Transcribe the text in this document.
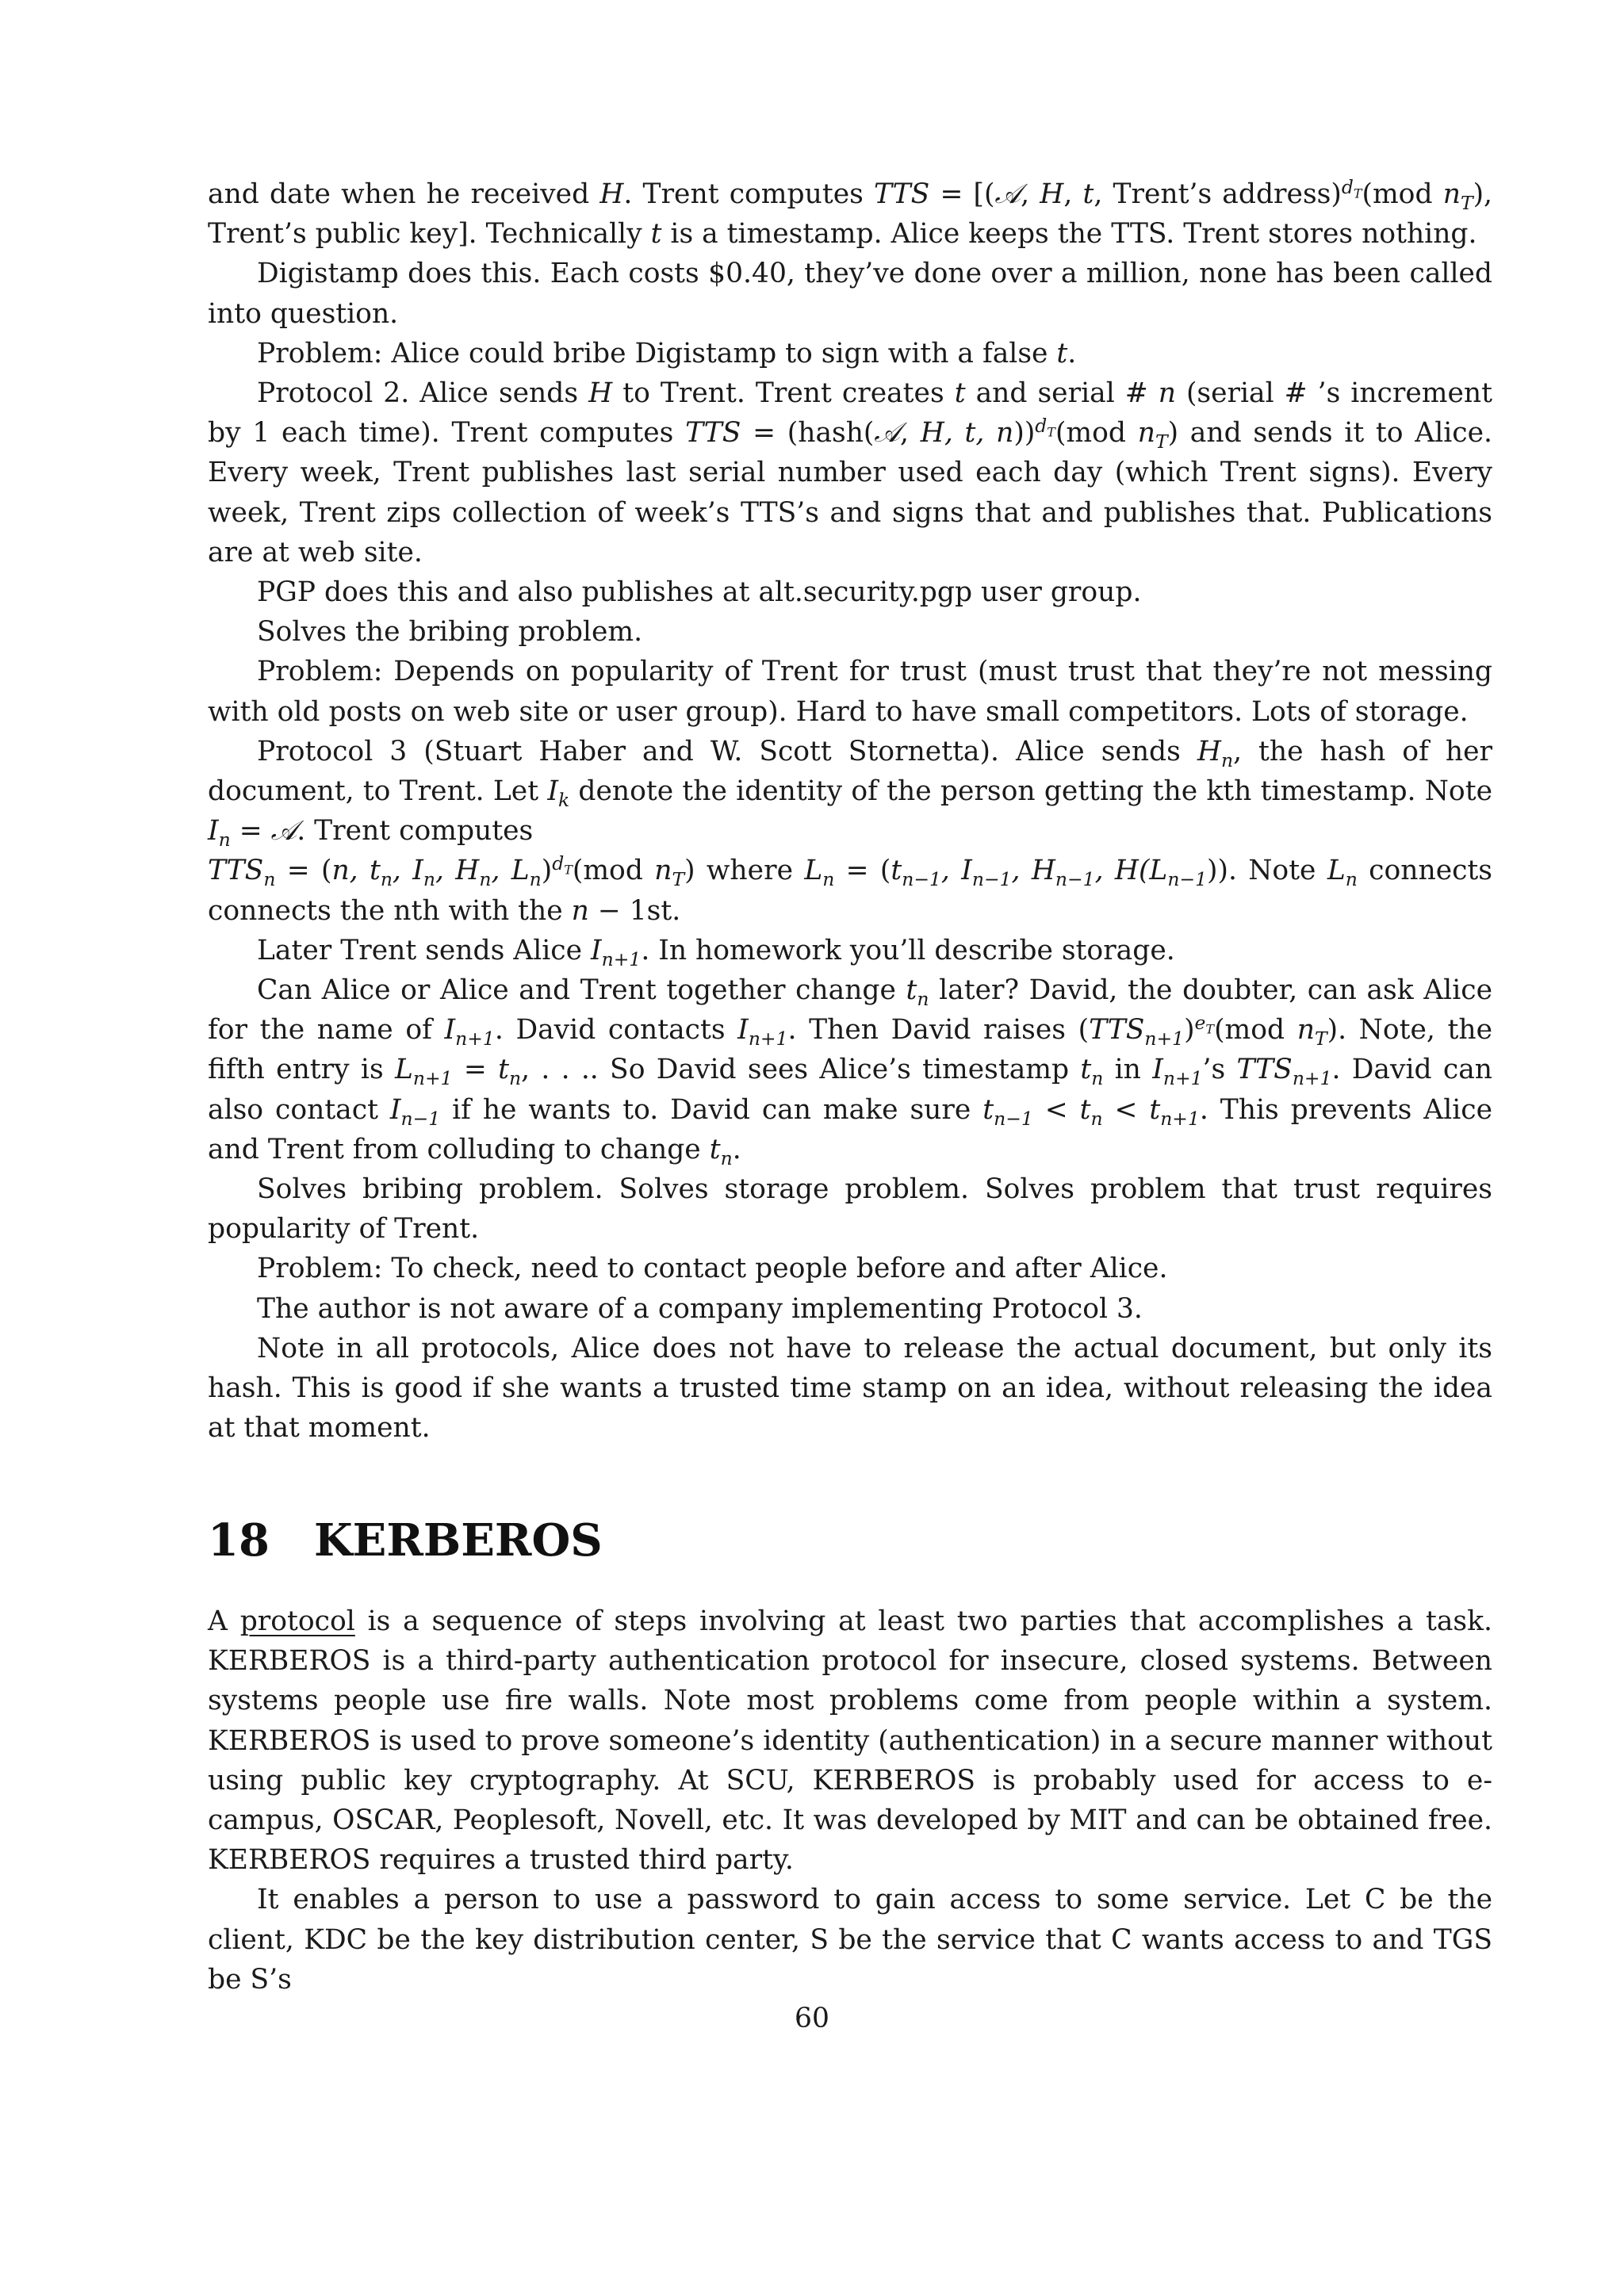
and date when he received H. Trent computes TTS = [(𝒜, H, t, Trent’s address)$^{d_T}$(mod $n_T$), Trent’s public key]. Technically t is a timestamp. Alice keeps the TTS. Trent stores nothing.

Digistamp does this. Each costs $0.40, they’ve done over a million, none has been called into question.

Problem: Alice could bribe Digistamp to sign with a false t.

Protocol 2. Alice sends H to Trent. Trent creates t and serial # n (serial # ’s increment by 1 each time). Trent computes TTS = (hash(𝒜, H, t, n))$^{d_T}$(mod $n_T$) and sends it to Alice. Every week, Trent publishes last serial number used each day (which Trent signs). Every week, Trent zips collection of week’s TTS’s and signs that and publishes that. Publications are at web site.

PGP does this and also publishes at alt.security.pgp user group.

Solves the bribing problem.

Problem: Depends on popularity of Trent for trust (must trust that they’re not messing with old posts on web site or user group). Hard to have small competitors. Lots of storage.

Protocol 3 (Stuart Haber and W. Scott Stornetta). Alice sends $H_n$, the hash of her document, to Trent. Let $I_k$ denote the identity of the person getting the kth timestamp. Note $I_n$ = 𝒜. Trent computes

$TTS_n = (n$, $t_n$, $I_n$, $H_n$, $L_n)^{d_T}(mod$ $n_T$) where $L_n = (t_{n-1}$, $I_{n-1}$, $H_{n-1}$, $H(L_{n-1})$). Note $L_n$ connects connects the nth with the n − 1st.

Later Trent sends Alice $I_{n+1}$. In homework you’ll describe storage.

Can Alice or Alice and Trent together change $t_n$ later? David, the doubter, can ask Alice for the name of $I_{n+1}$. David contacts $I_{n+1}$. Then David raises $(TTS_{n+1})^{e_T}(mod$ $n_T$). Note, the fifth entry is $L_{n+1} = t_n$, . . .. So David sees Alice’s timestamp $t_n$ in $I_{n+1}’s$ $TTS_{n+1}$. David can also contact $I_{n-1}$ if he wants to. David can make sure $t_{n-1} < t_n < t_{n+1}$. This prevents Alice and Trent from colluding to change $t_n$.

Solves bribing problem. Solves storage problem. Solves problem that trust requires popularity of Trent.

Problem: To check, need to contact people before and after Alice.

The author is not aware of a company implementing Protocol 3.

Note in all protocols, Alice does not have to release the actual document, but only its hash. This is good if she wants a trusted time stamp on an idea, without releasing the idea at that moment.

18 KERBEROS

A protocol is a sequence of steps involving at least two parties that accomplishes a task. KERBEROS is a third-party authentication protocol for insecure, closed systems. Between systems people use fire walls. Note most problems come from people within a system. KERBEROS is used to prove someone’s identity (authentication) in a secure manner without using public key cryptography. At SCU, KERBEROS is probably used for access to e-campus, OSCAR, Peoplesoft, Novell, etc. It was developed by MIT and can be obtained free. KERBEROS requires a trusted third party.

It enables a person to use a password to gain access to some service. Let C be the client, KDC be the key distribution center, S be the service that C wants access to and TGS be S’s

60
